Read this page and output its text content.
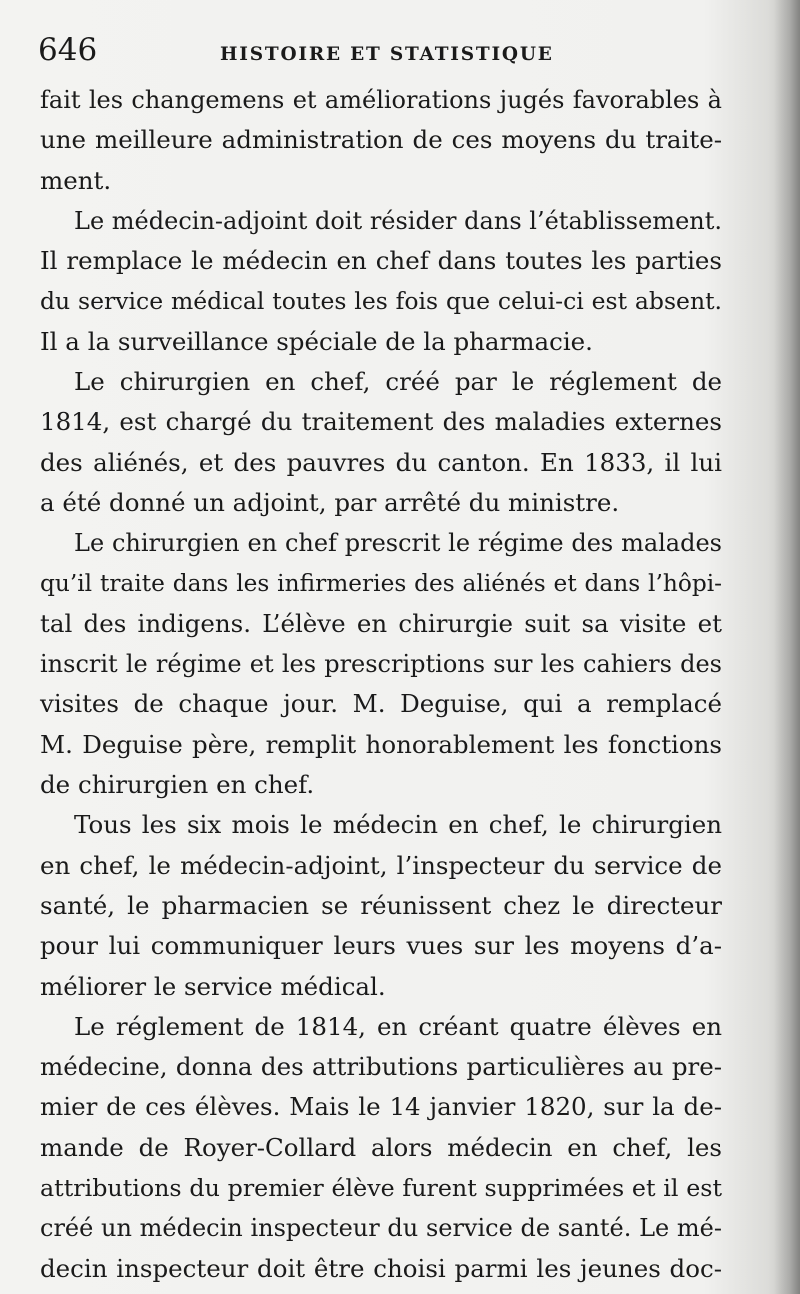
646	HISTOIRE ET STATISTIQUE
fait les changemens et améliorations jugés favorables à
une meilleure administration de ces moyens du traite-
ment.
Le médecin-adjoint doit résider dans l’établissement.
Il remplace le médecin en chef dans toutes les parties
du service médical toutes les fois que celui-ci est absent.
Il a la surveillance spéciale de la pharmacie.
Le chirurgien en chef, créé par le réglement de
1814, est chargé du traitement des maladies externes
des aliénés, et des pauvres du canton. En 1833, il lui
a été donné un adjoint, par arrêté du ministre.
Le chirurgien en chef prescrit le régime des malades
qu’il traite dans les infirmeries des aliénés et dans l’hôpi-
tal des indigens. L’élève en chirurgie suit sa visite et
inscrit le régime et les prescriptions sur les cahiers des
visites de chaque jour. M. Deguise, qui a remplacé
M. Deguise père, remplit honorablement les fonctions
de chirurgien en chef.
Tous les six mois le médecin en chef, le chirurgien
en chef, le médecin-adjoint, l’inspecteur du service de
santé, le pharmacien se réunissent chez le directeur
pour lui communiquer leurs vues sur les moyens d’a-
méliorer le service médical.
Le réglement de 1814, en créant quatre élèves en
médecine, donna des attributions particulières au pre-
mier de ces élèves. Mais le 14 janvier 1820, sur la de-
mande de Royer-Collard alors médecin en chef, les
attributions du premier élève furent supprimées et il est
créé un médecin inspecteur du service de santé. Le mé-
decin inspecteur doit être choisi parmi les jeunes doc-
